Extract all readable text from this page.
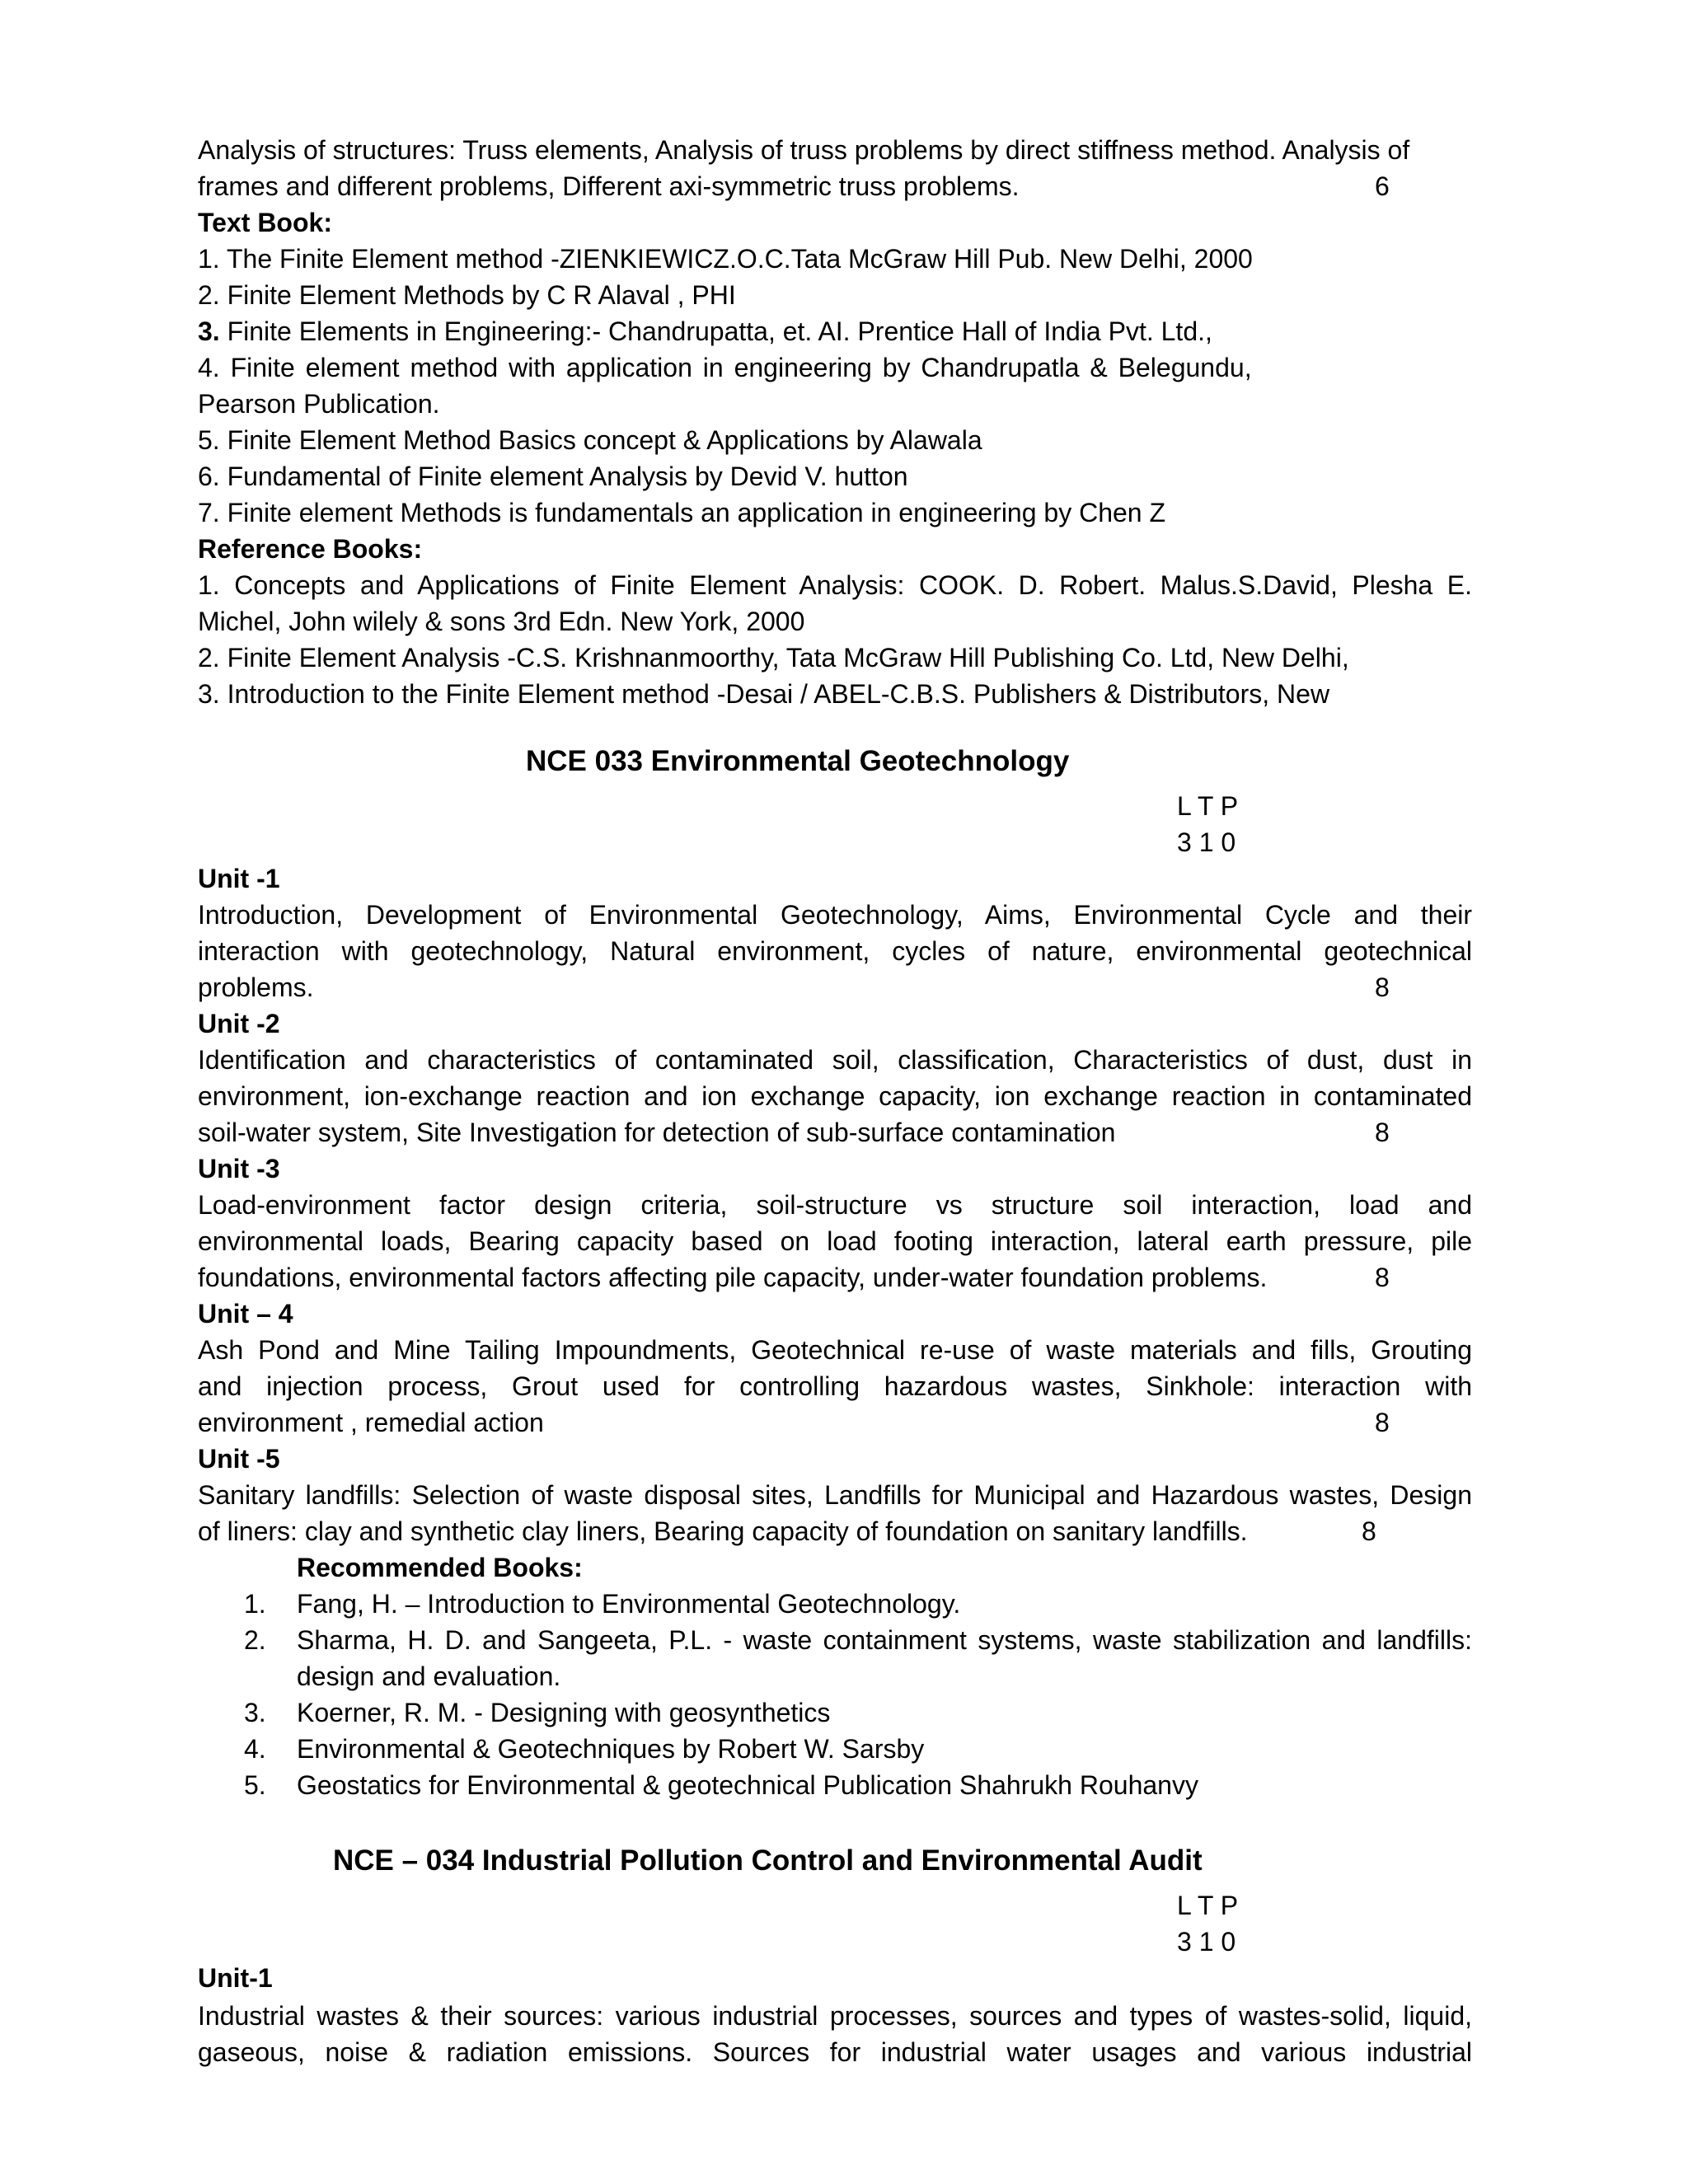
Analysis of structures: Truss elements, Analysis of truss problems by direct stiffness method. Analysis of
frames and different problems, Different axi-symmetric truss problems.	6
Text Book:
1. The Finite Element method -ZIENKIEWICZ.O.C.Tata McGraw Hill Pub. New Delhi, 2000
2. Finite Element Methods by C R Alaval , PHI
3. Finite Elements in Engineering:- Chandrupatta, et. AI. Prentice Hall of India Pvt. Ltd.,
4. Finite element method with application in engineering by Chandrupatla & Belegundu,
Pearson Publication.
5. Finite Element Method Basics concept & Applications by Alawala
6. Fundamental of Finite element Analysis by Devid V. hutton
7. Finite element Methods is fundamentals an application in engineering by Chen Z
Reference Books:
1. Concepts and Applications of Finite Element Analysis: COOK. D. Robert. Malus.S.David, Plesha E.
Michel, John wilely & sons 3rd Edn. New York, 2000
2. Finite Element Analysis -C.S. Krishnanmoorthy, Tata McGraw Hill Publishing Co. Ltd, New Delhi,
3. Introduction to the Finite Element method -Desai / ABEL-C.B.S. Publishers & Distributors, New
NCE 033 Environmental Geotechnology
L T P
3 1 0
Unit -1
Introduction, Development of Environmental Geotechnology, Aims, Environmental Cycle and their
interaction with geotechnology, Natural environment, cycles of nature, environmental geotechnical
problems.	8
Unit -2
Identification and characteristics of contaminated soil, classification, Characteristics of dust, dust in
environment, ion-exchange reaction and ion exchange capacity, ion exchange reaction in contaminated
soil-water system, Site Investigation for detection of sub-surface contamination	8
Unit -3
Load-environment factor design criteria, soil-structure vs structure soil interaction, load and
environmental loads, Bearing capacity based on load footing interaction, lateral earth pressure, pile
foundations, environmental factors affecting pile capacity, under-water foundation problems.	8
Unit – 4
Ash Pond and Mine Tailing Impoundments, Geotechnical re-use of waste materials and fills, Grouting
and injection process, Grout used for controlling hazardous wastes, Sinkhole: interaction with
environment , remedial action	8
Unit -5
Sanitary landfills: Selection of waste disposal sites, Landfills for Municipal and Hazardous wastes, Design
of liners: clay and synthetic clay liners, Bearing capacity of foundation on sanitary landfills.	8
Recommended Books:
1. Fang, H. – Introduction to Environmental Geotechnology.
2. Sharma, H. D. and Sangeeta, P.L. - waste containment systems, waste stabilization and landfills:
design and evaluation.
3. Koerner, R. M. - Designing with geosynthetics
4. Environmental & Geotechniques by Robert W. Sarsby
5. Geostatics for Environmental & geotechnical Publication Shahrukh Rouhanvy
NCE – 034 Industrial Pollution Control and Environmental Audit
L T P
3 1 0
Unit-1
Industrial wastes & their sources: various industrial processes, sources and types of wastes-solid, liquid,
gaseous, noise & radiation emissions. Sources for industrial water usages and various industrial
